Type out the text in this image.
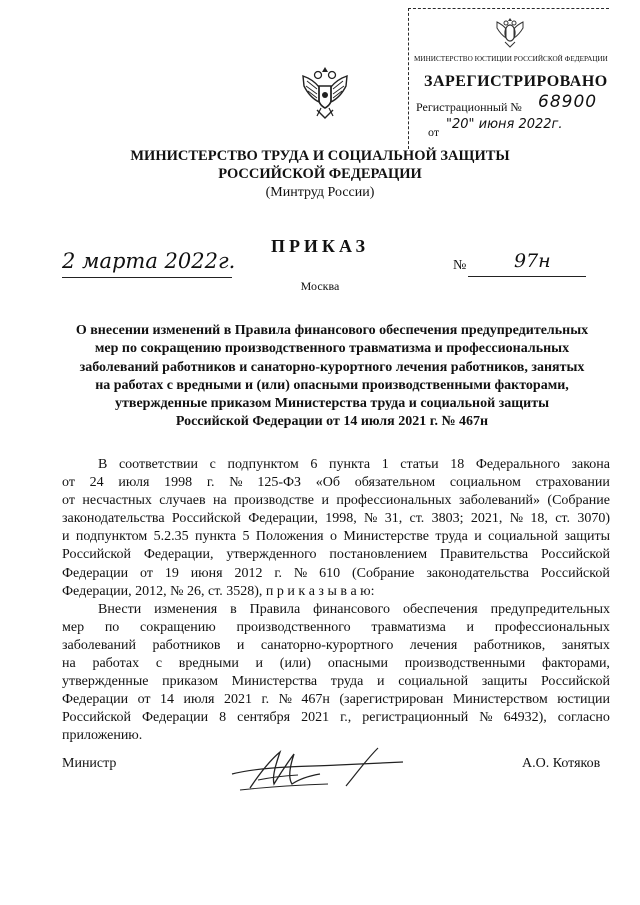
МИНИСТЕРСТВО ЮСТИЦИИ РОССИЙСКОЙ ФЕДЕРАЦИИ
ЗАРЕГИСТРИРОВАНО
Регистрационный № 68900
от "20" июня 2022г.
МИНИСТЕРСТВО ТРУДА И СОЦИАЛЬНОЙ ЗАЩИТЫ
РОССИЙСКОЙ ФЕДЕРАЦИИ
(Минтруд России)
ПРИКАЗ
2 марта 2022г.	№	97н
Москва
О внесении изменений в Правила финансового обеспечения предупредительных
мер по сокращению производственного травматизма и профессиональных
заболеваний работников и санаторно-курортного лечения работников, занятых
на работах с вредными и (или) опасными производственными факторами,
утвержденные приказом Министерства труда и социальной защиты
Российской Федерации от 14 июля 2021 г. № 467н
В соответствии с подпунктом 6 пункта 1 статьи 18 Федерального закона
от 24 июля 1998 г. № 125-ФЗ «Об обязательном социальном страховании
от несчастных случаев на производстве и профессиональных заболеваний» (Собрание
законодательства Российской Федерации, 1998, № 31, ст. 3803; 2021, № 18, ст. 3070)
и подпунктом 5.2.35 пункта 5 Положения о Министерстве труда и социальной защиты
Российской Федерации, утвержденного постановлением Правительства Российской
Федерации от 19 июня 2012 г. № 610 (Собрание законодательства Российской
Федерации, 2012, № 26, ст. 3528), п р и к а з ы в а ю:
Внести изменения в Правила финансового обеспечения предупредительных
мер по сокращению производственного травматизма и профессиональных
заболеваний работников и санаторно-курортного лечения работников, занятых
на работах с вредными и (или) опасными производственными факторами,
утвержденные приказом Министерства труда и социальной защиты Российской
Федерации от 14 июля 2021 г. № 467н (зарегистрирован Министерством юстиции
Российской Федерации 8 сентября 2021 г., регистрационный № 64932), согласно
приложению.
Министр	А.О. Котяков
